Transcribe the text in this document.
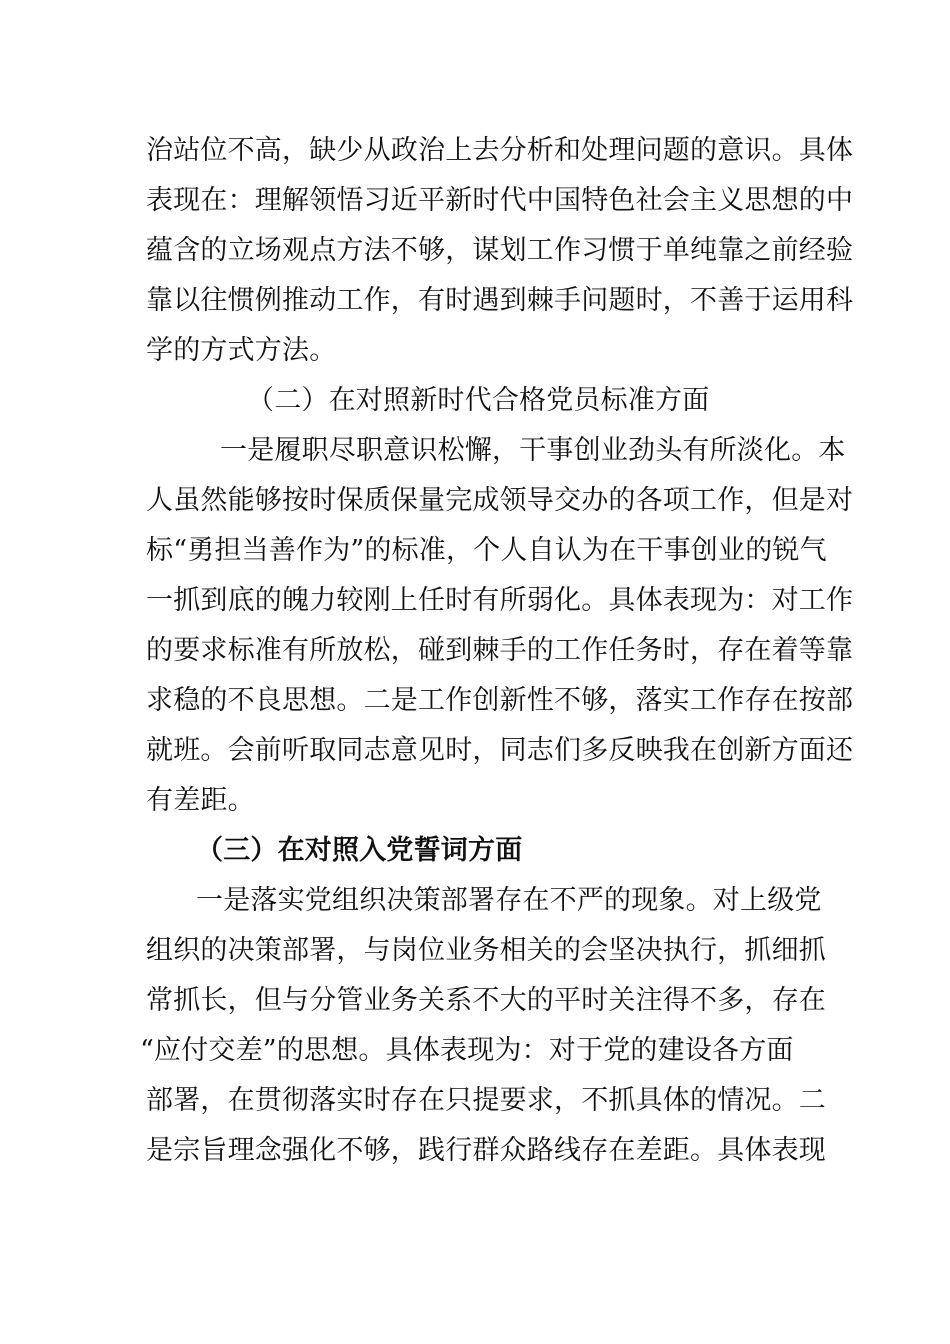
治站位不高，缺少从政治上去分析和处理问题的意识。具体
表现在：理解领悟习近平新时代中国特色社会主义思想的中
蕴含的立场观点方法不够，谋划工作习惯于单纯靠之前经验
靠以往惯例推动工作，有时遇到棘手问题时，不善于运用科
学的方式方法。
（二）在对照新时代合格党员标准方面
一是履职尽职意识松懈，干事创业劲头有所淡化。本
人虽然能够按时保质保量完成领导交办的各项工作，但是对
标“勇担当善作为”的标准，个人自认为在干事创业的锐气
一抓到底的魄力较刚上任时有所弱化。具体表现为：对工作
的要求标准有所放松，碰到棘手的工作任务时，存在着等靠
求稳的不良思想。二是工作创新性不够，落实工作存在按部
就班。会前听取同志意见时，同志们多反映我在创新方面还
有差距。
（三）在对照入党誓词方面
一是落实党组织决策部署存在不严的现象。对上级党
组织的决策部署，与岗位业务相关的会坚决执行，抓细抓
常抓长，但与分管业务关系不大的平时关注得不多，存在
“应付交差”的思想。具体表现为：对于党的建设各方面
部署，在贯彻落实时存在只提要求，不抓具体的情况。二
是宗旨理念强化不够，践行群众路线存在差距。具体表现
